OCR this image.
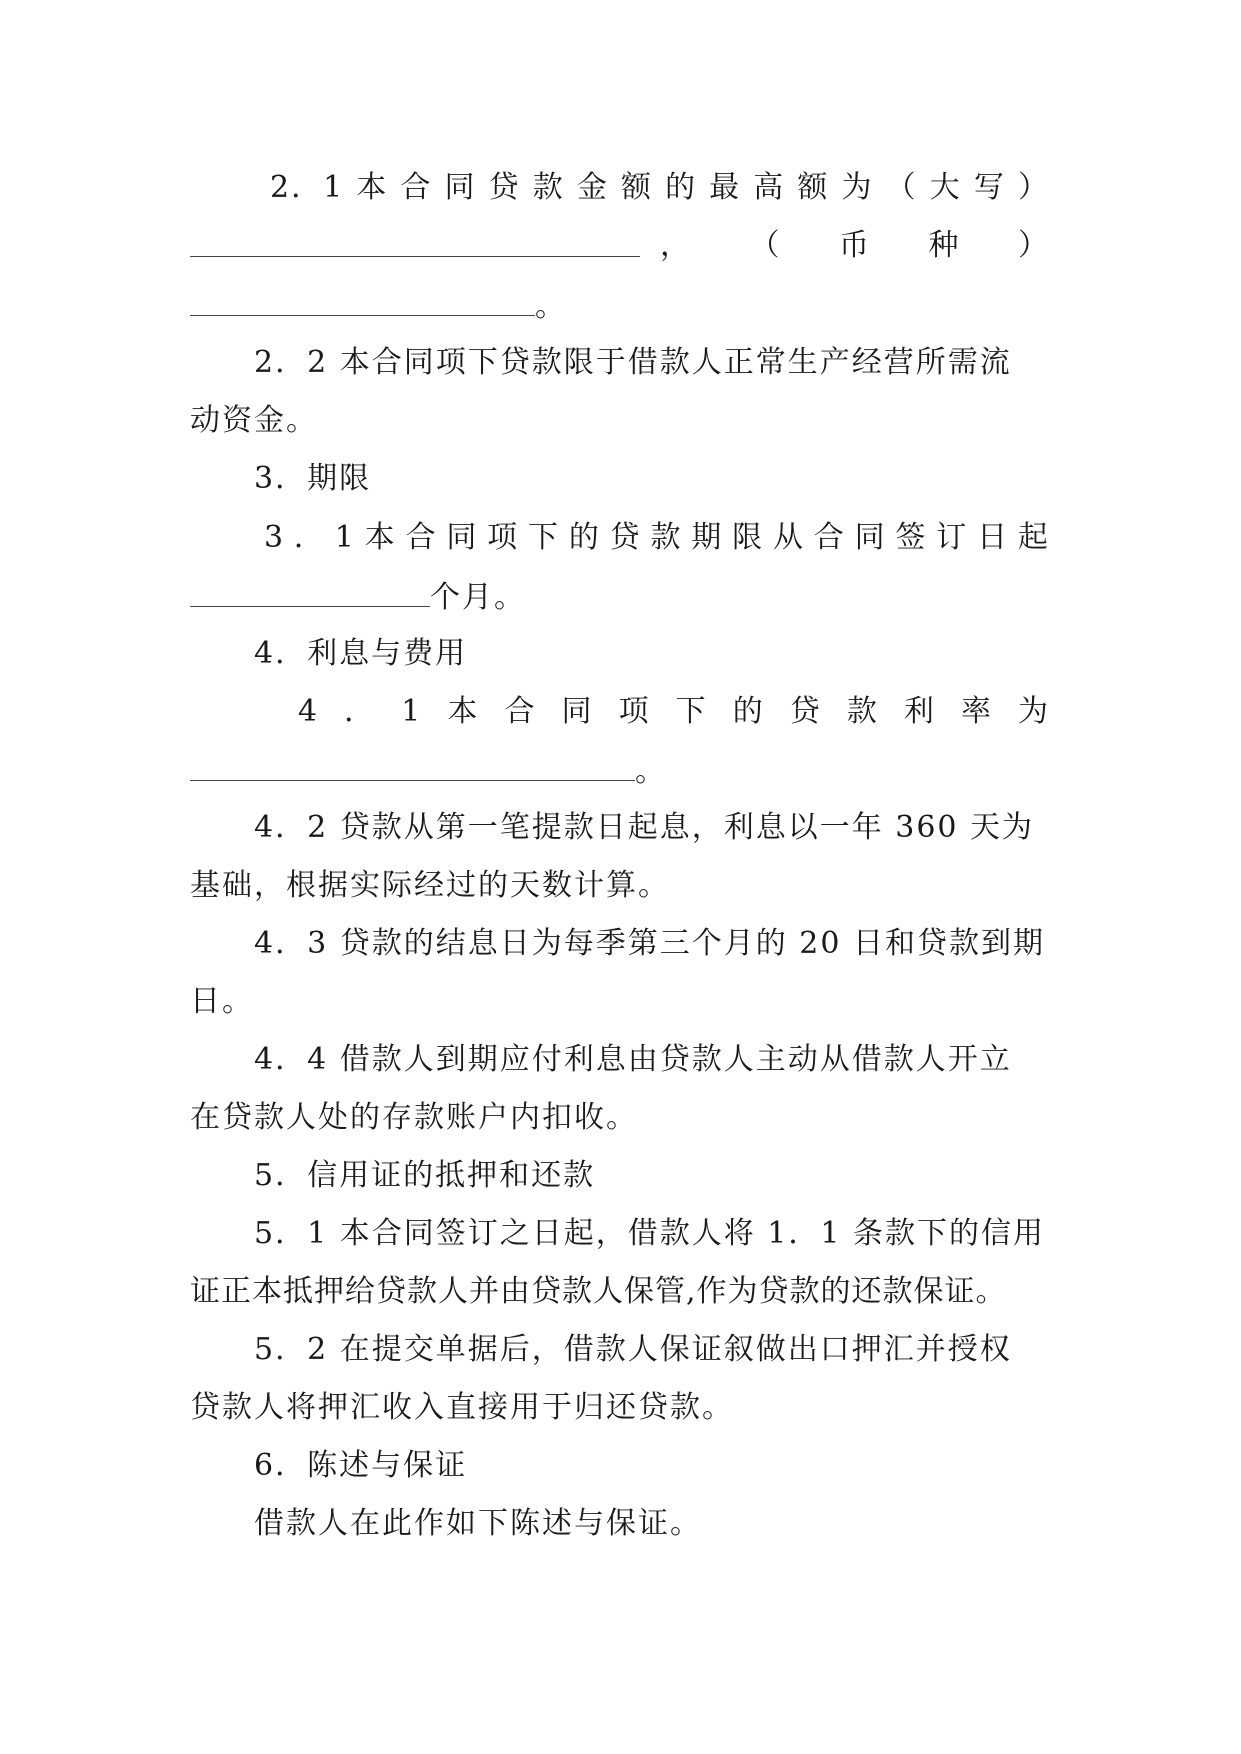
2．1 本 合 同 贷 款 金 额 的 最 高 额 为 （ 大 写 ）
， （ 币 种 ）
。
2．2 本合同项下贷款限于借款人正常生产经营所需流
动资金。
3．期限
3 ． 1 本 合 同 项 下 的 贷 款 期 限 从 合 同 签 订 日 起
个月。
4．利息与费用
4 ． 1 本 合 同 项 下 的 贷 款 利 率 为
。
4．2 贷款从第一笔提款日起息，利息以一年 360 天为
基础，根据实际经过的天数计算。
4．3 贷款的结息日为每季第三个月的 20 日和贷款到期
日。
4．4 借款人到期应付利息由贷款人主动从借款人开立
在贷款人处的存款账户内扣收。
5．信用证的抵押和还款
5．1 本合同签订之日起，借款人将 1．1 条款下的信用
证正本抵押给贷款人并由贷款人保管,作为贷款的还款保证。
5．2 在提交单据后，借款人保证叙做出口押汇并授权
贷款人将押汇收入直接用于归还贷款。
6．陈述与保证
借款人在此作如下陈述与保证。
